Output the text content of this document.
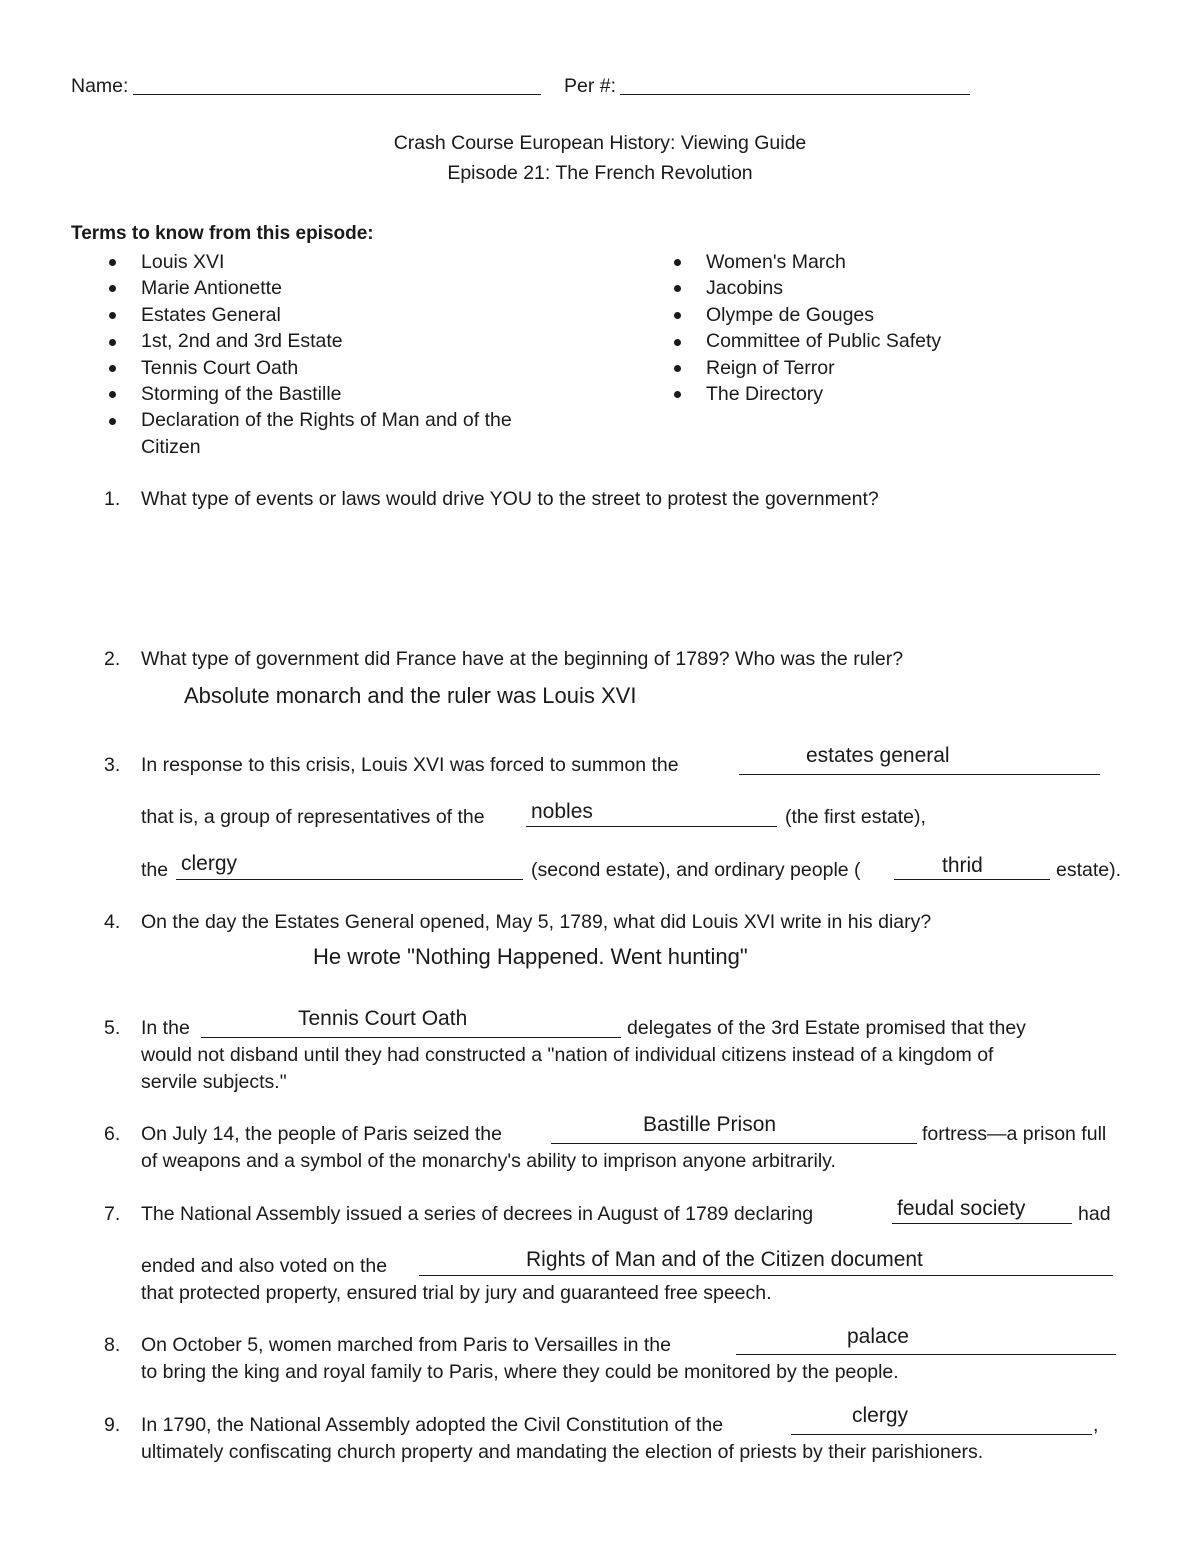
Name:	Per #:
Crash Course European History: Viewing Guide
Episode 21: The French Revolution
Terms to know from this episode:
Louis XVI
Marie Antionette
Estates General
1st, 2nd and 3rd Estate
Tennis Court Oath
Storming of the Bastille
Declaration of the Rights of Man and of the
Citizen
Women's March
Jacobins
Olympe de Gouges
Committee of Public Safety
Reign of Terror
The Directory
1. What type of events or laws would drive YOU to the street to protest the government?
2. What type of government did France have at the beginning of 1789? Who was the ruler?
Absolute monarch and the ruler was Louis XVI
3. In response to this crisis, Louis XVI was forced to summon the	estates general
that is, a group of representatives of the nobles	(the first estate),
the clergy	(second estate), and ordinary people (	thrid	estate).
4. On the day the Estates General opened, May 5, 1789, what did Louis XVI write in his diary?
He wrote "Nothing Happened. Went hunting"
5. In the	Tennis Court Oath	delegates of the 3rd Estate promised that they
would not disband until they had constructed a "nation of individual citizens instead of a kingdom of
servile subjects."
6. On July 14, the people of Paris seized the	Bastille Prison	fortress—a prison full
of weapons and a symbol of the monarchy's ability to imprison anyone arbitrarily.
7. The National Assembly issued a series of decrees in August of 1789 declaring	feudal society	had
ended and also voted on the	Rights of Man and of the Citizen document
that protected property, ensured trial by jury and guaranteed free speech.
8. On October 5, women marched from Paris to Versailles in the	palace
to bring the king and royal family to Paris, where they could be monitored by the people.
9. In 1790, the National Assembly adopted the Civil Constitution of the	clergy	,
ultimately confiscating church property and mandating the election of priests by their parishioners.
